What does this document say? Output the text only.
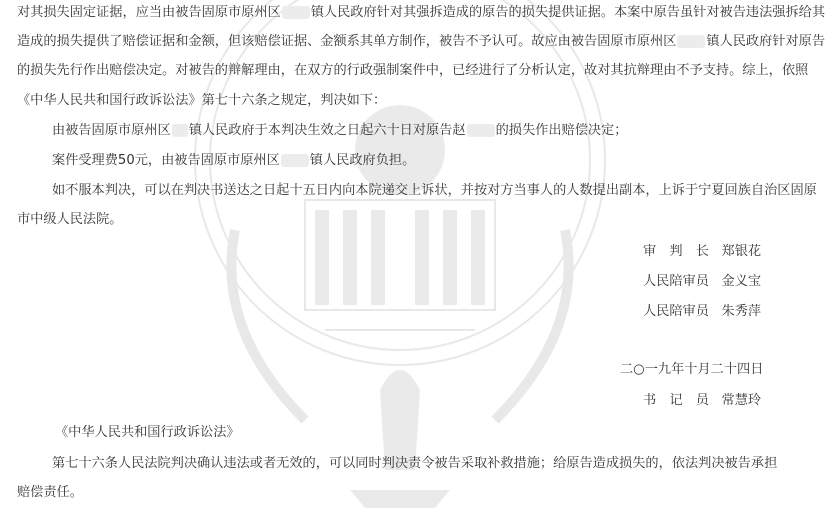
对其损失固定证据，应当由被告固原市原州区 镇人民政府针对其强拆造成的原告的损失提供证据。本案中原告虽针对被告违法强拆给其
造成的损失提供了赔偿证据和金额，但该赔偿证据、金额系其单方制作，被告不予认可。故应由被告固原市原州区 镇人民政府针对原告
的损失先行作出赔偿决定。对被告的辩解理由，在双方的行政强制案件中，已经进行了分析认定，故对其抗辩理由不予支持。综上，依照
《中华人民共和国行政诉讼法》第七十六条之规定，判决如下：
由被告固原市原州区 镇人民政府于本判决生效之日起六十日对原告赵 的损失作出赔偿决定；
案件受理费50元，由被告固原市原州区 镇人民政府负担。
如不服本判决，可以在判决书送达之日起十五日内向本院递交上诉状，并按对方当事人的人数提出副本，上诉于宁夏回族自治区固原
市中级人民法院。
审　判　长 郑银花
人民陪审员 金义宝
人民陪审员 朱秀萍
二○一九年十月二十四日
书　记　员 常慧玲
《中华人民共和国行政诉讼法》
第七十六条人民法院判决确认违法或者无效的，可以同时判决责令被告采取补救措施；给原告造成损失的，依法判决被告承担
赔偿责任。
